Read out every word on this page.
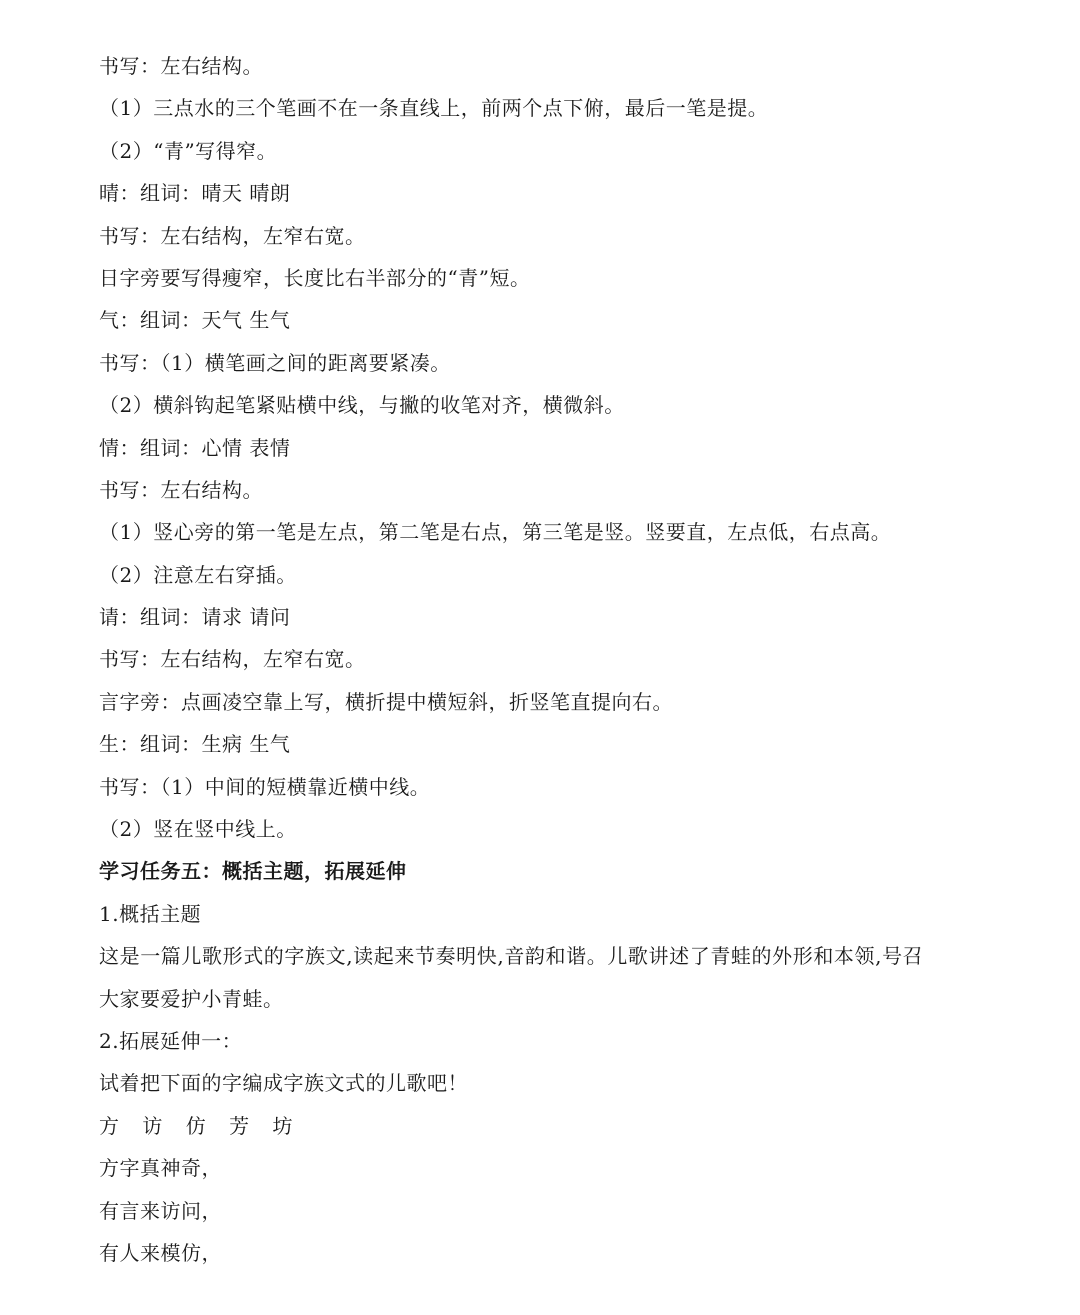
书写：左右结构。
（1）三点水的三个笔画不在一条直线上，前两个点下俯，最后一笔是提。
（2）“青”写得窄。
晴：组词：晴天 晴朗
书写：左右结构，左窄右宽。
日字旁要写得瘦窄，长度比右半部分的“青”短。
气：组词：天气 生气
书写：（1）横笔画之间的距离要紧凑。
（2）横斜钩起笔紧贴横中线，与撇的收笔对齐，横微斜。
情：组词：心情 表情
书写：左右结构。
（1）竖心旁的第一笔是左点，第二笔是右点，第三笔是竖。竖要直，左点低，右点高。
（2）注意左右穿插。
请：组词：请求 请问
书写：左右结构，左窄右宽。
言字旁：点画凌空靠上写，横折提中横短斜，折竖笔直提向右。
生：组词：生病 生气
书写：（1）中间的短横靠近横中线。
（2）竖在竖中线上。
学习任务五：概括主题，拓展延伸
1.概括主题
这是一篇儿歌形式的字族文,读起来节奏明快,音韵和谐。儿歌讲述了青蛙的外形和本领,号召
大家要爱护小青蛙。
2.拓展延伸一：
试着把下面的字编成字族文式的儿歌吧！
方 访 仿 芳 坊
方字真神奇，
有言来访问，
有人来模仿，
